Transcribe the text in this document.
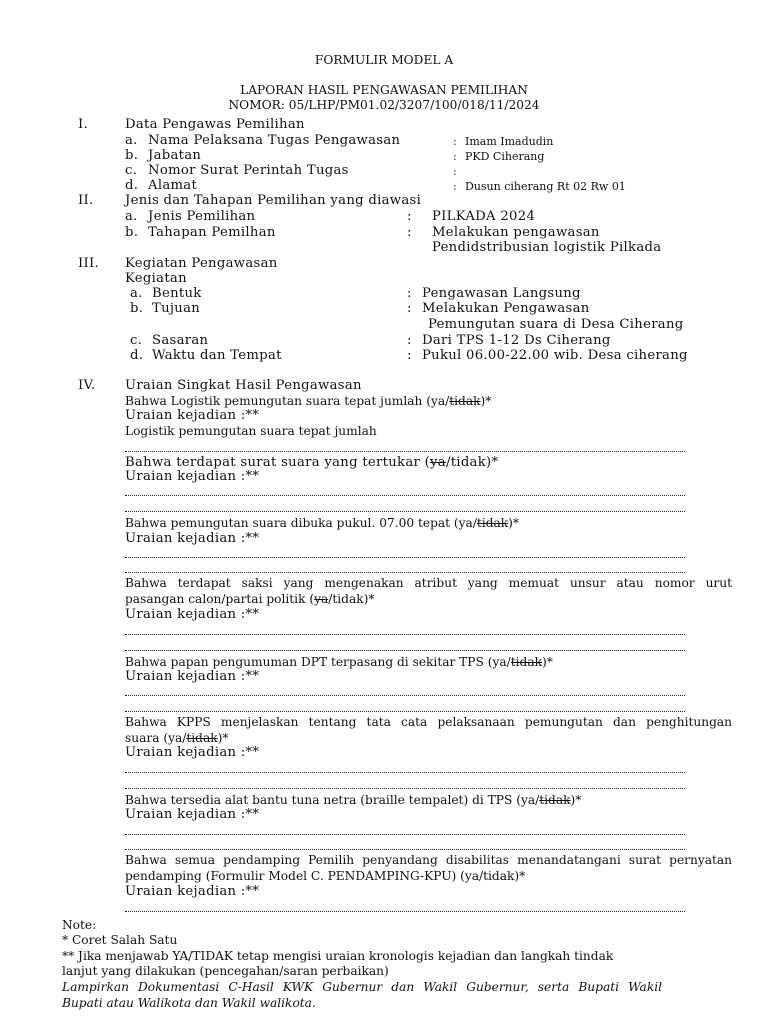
FORMULIR MODEL A
LAPORAN HASIL PENGAWASAN PEMILIHAN
NOMOR: 05/LHP/PM01.02/3207/100/018/11/2024
I.	Data Pengawas Pemilihan
a. Nama Pelaksana Tugas Pengawasan	: Imam Imadudin
b. Jabatan	: PKD Ciherang
c. Nomor Surat Perintah Tugas	:
d. Alamat	: Dusun ciherang Rt 02 Rw 01
II. Jenis dan Tahapan Pemilihan yang diawasi
a. Jenis Pemilihan	: PILKADA 2024
b. Tahapan Pemilhan	: Melakukan pengawasan
Pendidstribusian logistik Pilkada
III. Kegiatan Pengawasan
Kegiatan
a. Bentuk	: Pengawasan Langsung
b. Tujuan	: Melakukan Pengawasan
Pemungutan suara di Desa Ciherang
c. Sasaran	: Dari TPS 1-12 Ds Ciherang
d. Waktu dan Tempat	: Pukul 06.00-22.00 wib. Desa ciherang
IV. Uraian Singkat Hasil Pengawasan
Bahwa Logistik pemungutan suara tepat jumlah (ya/tidak)*
Uraian kejadian :**
Logistik pemungutan suara tepat jumlah
Bahwa terdapat surat suara yang tertukar (ya/tidak)*
Uraian kejadian :**
Bahwa pemungutan suara dibuka pukul. 07.00 tepat (ya/tidak)*
Uraian kejadian :**
Bahwa terdapat saksi yang mengenakan atribut yang memuat unsur atau nomor urut
pasangan calon/partai politik (ya/tidak)*
Uraian kejadian :**
Bahwa papan pengumuman DPT terpasang di sekitar TPS (ya/tidak)*
Uraian kejadian :**
Bahwa KPPS menjelaskan tentang tata cata pelaksanaan pemungutan dan penghitungan
suara (ya/tidak)*
Uraian kejadian :**
Bahwa tersedia alat bantu tuna netra (braille tempalet) di TPS (ya/tidak)*
Uraian kejadian :**
Bahwa semua pendamping Pemilih penyandang disabilitas menandatangani surat pernyatan
pendamping (Formulir Model C. PENDAMPING-KPU) (ya/tidak)*
Uraian kejadian :**
Note:
* Coret Salah Satu
** Jika menjawab YA/TIDAK tetap mengisi uraian kronologis kejadian dan langkah tindak
lanjut yang dilakukan (pencegahan/saran perbaikan)
Lampirkan Dokumentasi C-Hasil KWK Gubernur dan Wakil Gubernur, serta Bupati Wakil
Bupati atau Walikota dan Wakil walikota.
